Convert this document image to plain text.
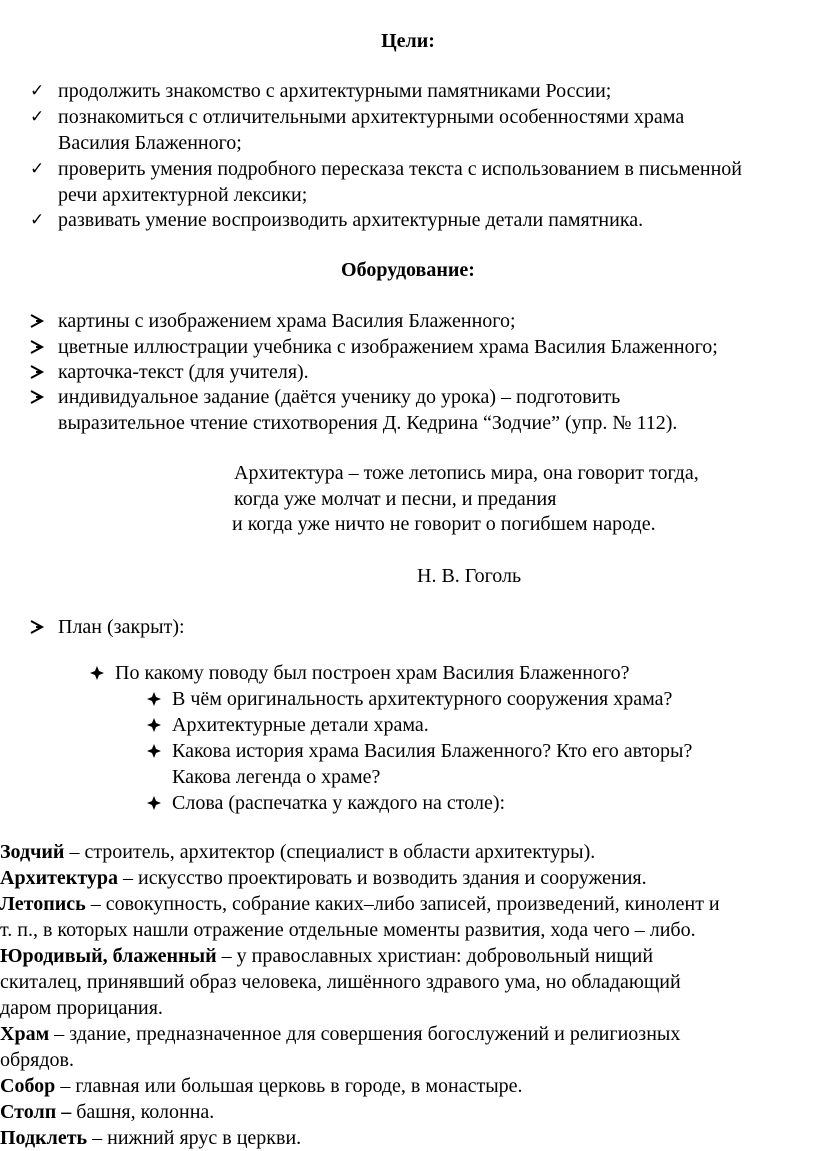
Цели:
✓ продолжить знакомство с архитектурными памятниками России;
✓ познакомиться с отличительными архитектурными особенностями храма
Василия Блаженного;
✓ проверить умения подробного пересказа текста с использованием в письменной
речи архитектурной лексики;
✓ развивать умение воспроизводить архитектурные детали памятника.
Оборудование:
картины с изображением храма Василия Блаженного;
цветные иллюстрации учебника с изображением храма Василия Блаженного;
карточка-текст (для учителя).
индивидуальное задание (даётся ученику до урока) – подготовить
выразительное чтение стихотворения Д. Кедрина “Зодчие” (упр. № 112).
Архитектура – тоже летопись мира, она говорит тогда,
когда уже молчат и песни, и предания
и когда уже ничто не говорит о погибшем народе.
Н. В. Гоголь
План (закрыт):
По какому поводу был построен храм Василия Блаженного?
В чём оригинальность архитектурного сооружения храма?
Архитектурные детали храма.
Какова история храма Василия Блаженного? Кто его авторы?
Какова легенда о храме?
Слова (распечатка у каждого на столе):
Зодчий – строитель, архитектор (специалист в области архитектуры).
Архитектура – искусство проектировать и возводить здания и сооружения.
Летопись – совокупность, собрание каких–либо записей, произведений, кинолент и
т. п., в которых нашли отражение отдельные моменты развития, хода чего – либо.
Юродивый, блаженный – у православных христиан: добровольный нищий
скиталец, принявший образ человека, лишённого здравого ума, но обладающий
даром прорицания.
Храм – здание, предназначенное для совершения богослужений и религиозных
обрядов.
Собор – главная или большая церковь в городе, в монастыре.
Столп – башня, колонна.
Подклеть – нижний ярус в церкви.
